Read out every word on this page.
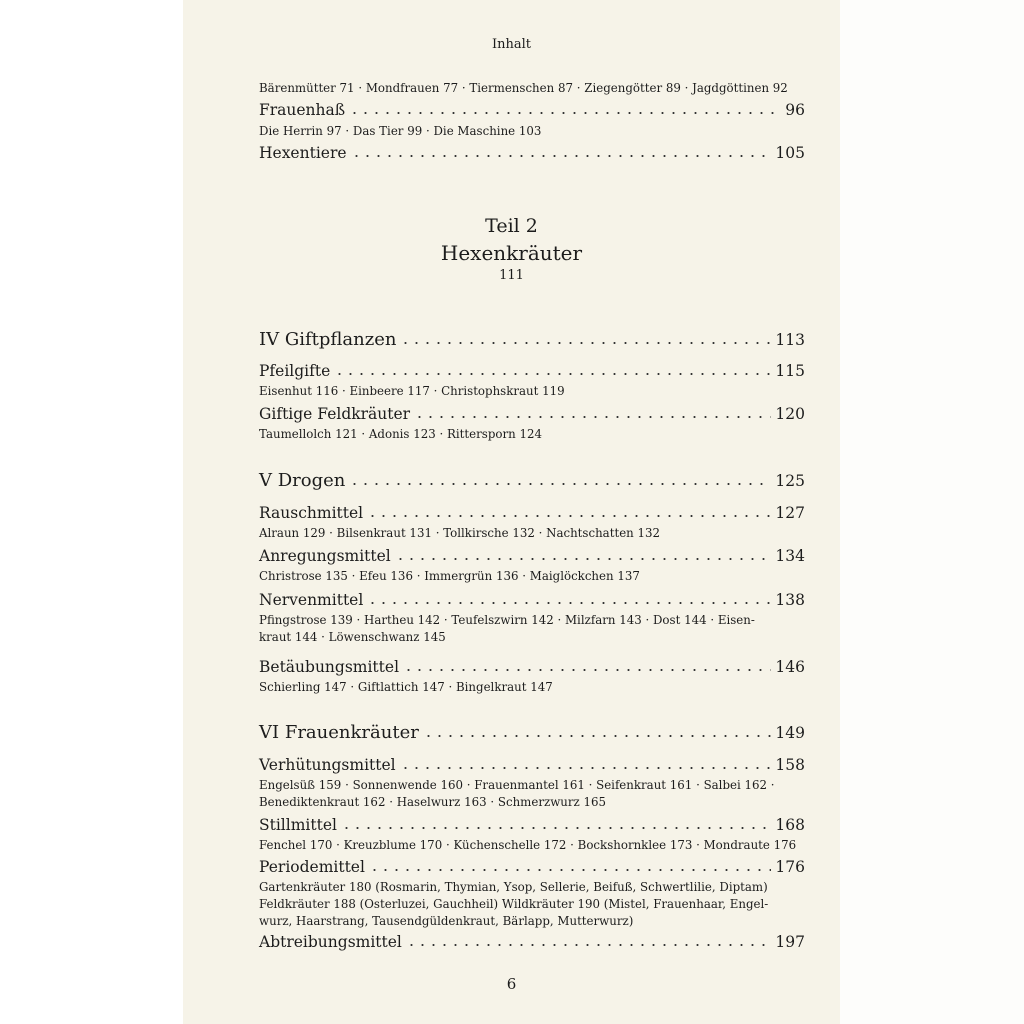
Inhalt
Bärenmütter 71 · Mondfrauen 77 · Tiermenschen 87 · Ziegengötter 89 · Jagdgöttinen 92
Frauenhaß	96
Die Herrin 97 · Das Tier 99 · Die Maschine 103
Hexentiere	105
Teil 2
Hexenkräuter
111
IV Giftpflanzen	113
Pfeilgifte	115
Eisenhut 116 · Einbeere 117 · Christophskraut 119
Giftige Feldkräuter	120
Taumellolch 121 · Adonis 123 · Rittersporn 124
V Drogen	125
Rauschmittel	127
Alraun 129 · Bilsenkraut 131 · Tollkirsche 132 · Nachtschatten 132
Anregungsmittel	134
Christrose 135 · Efeu 136 · Immergrün 136 · Maiglöckchen 137
Nervenmittel	138
Pfingstrose 139 · Hartheu 142 · Teufelszwirn 142 · Milzfarn 143 · Dost 144 · Eisen-
kraut 144 · Löwenschwanz 145
Betäubungsmittel	146
Schierling 147 · Giftlattich 147 · Bingelkraut 147
VI Frauenkräuter	149
Verhütungsmittel	158
Engelsüß 159 · Sonnenwende 160 · Frauenmantel 161 · Seifenkraut 161 · Salbei 162 ·
Benediktenkraut 162 · Haselwurz 163 · Schmerzwurz 165
Stillmittel	168
Fenchel 170 · Kreuzblume 170 · Küchenschelle 172 · Bockshornklee 173 · Mondraute 176
Periodemittel	176
Gartenkräuter 180 (Rosmarin, Thymian, Ysop, Sellerie, Beifuß, Schwertlilie, Diptam)
Feldkräuter 188 (Osterluzei, Gauchheil) Wildkräuter 190 (Mistel, Frauenhaar, Engel-
wurz, Haarstrang, Tausendgüldenkraut, Bärlapp, Mutterwurz)
Abtreibungsmittel	197
6
